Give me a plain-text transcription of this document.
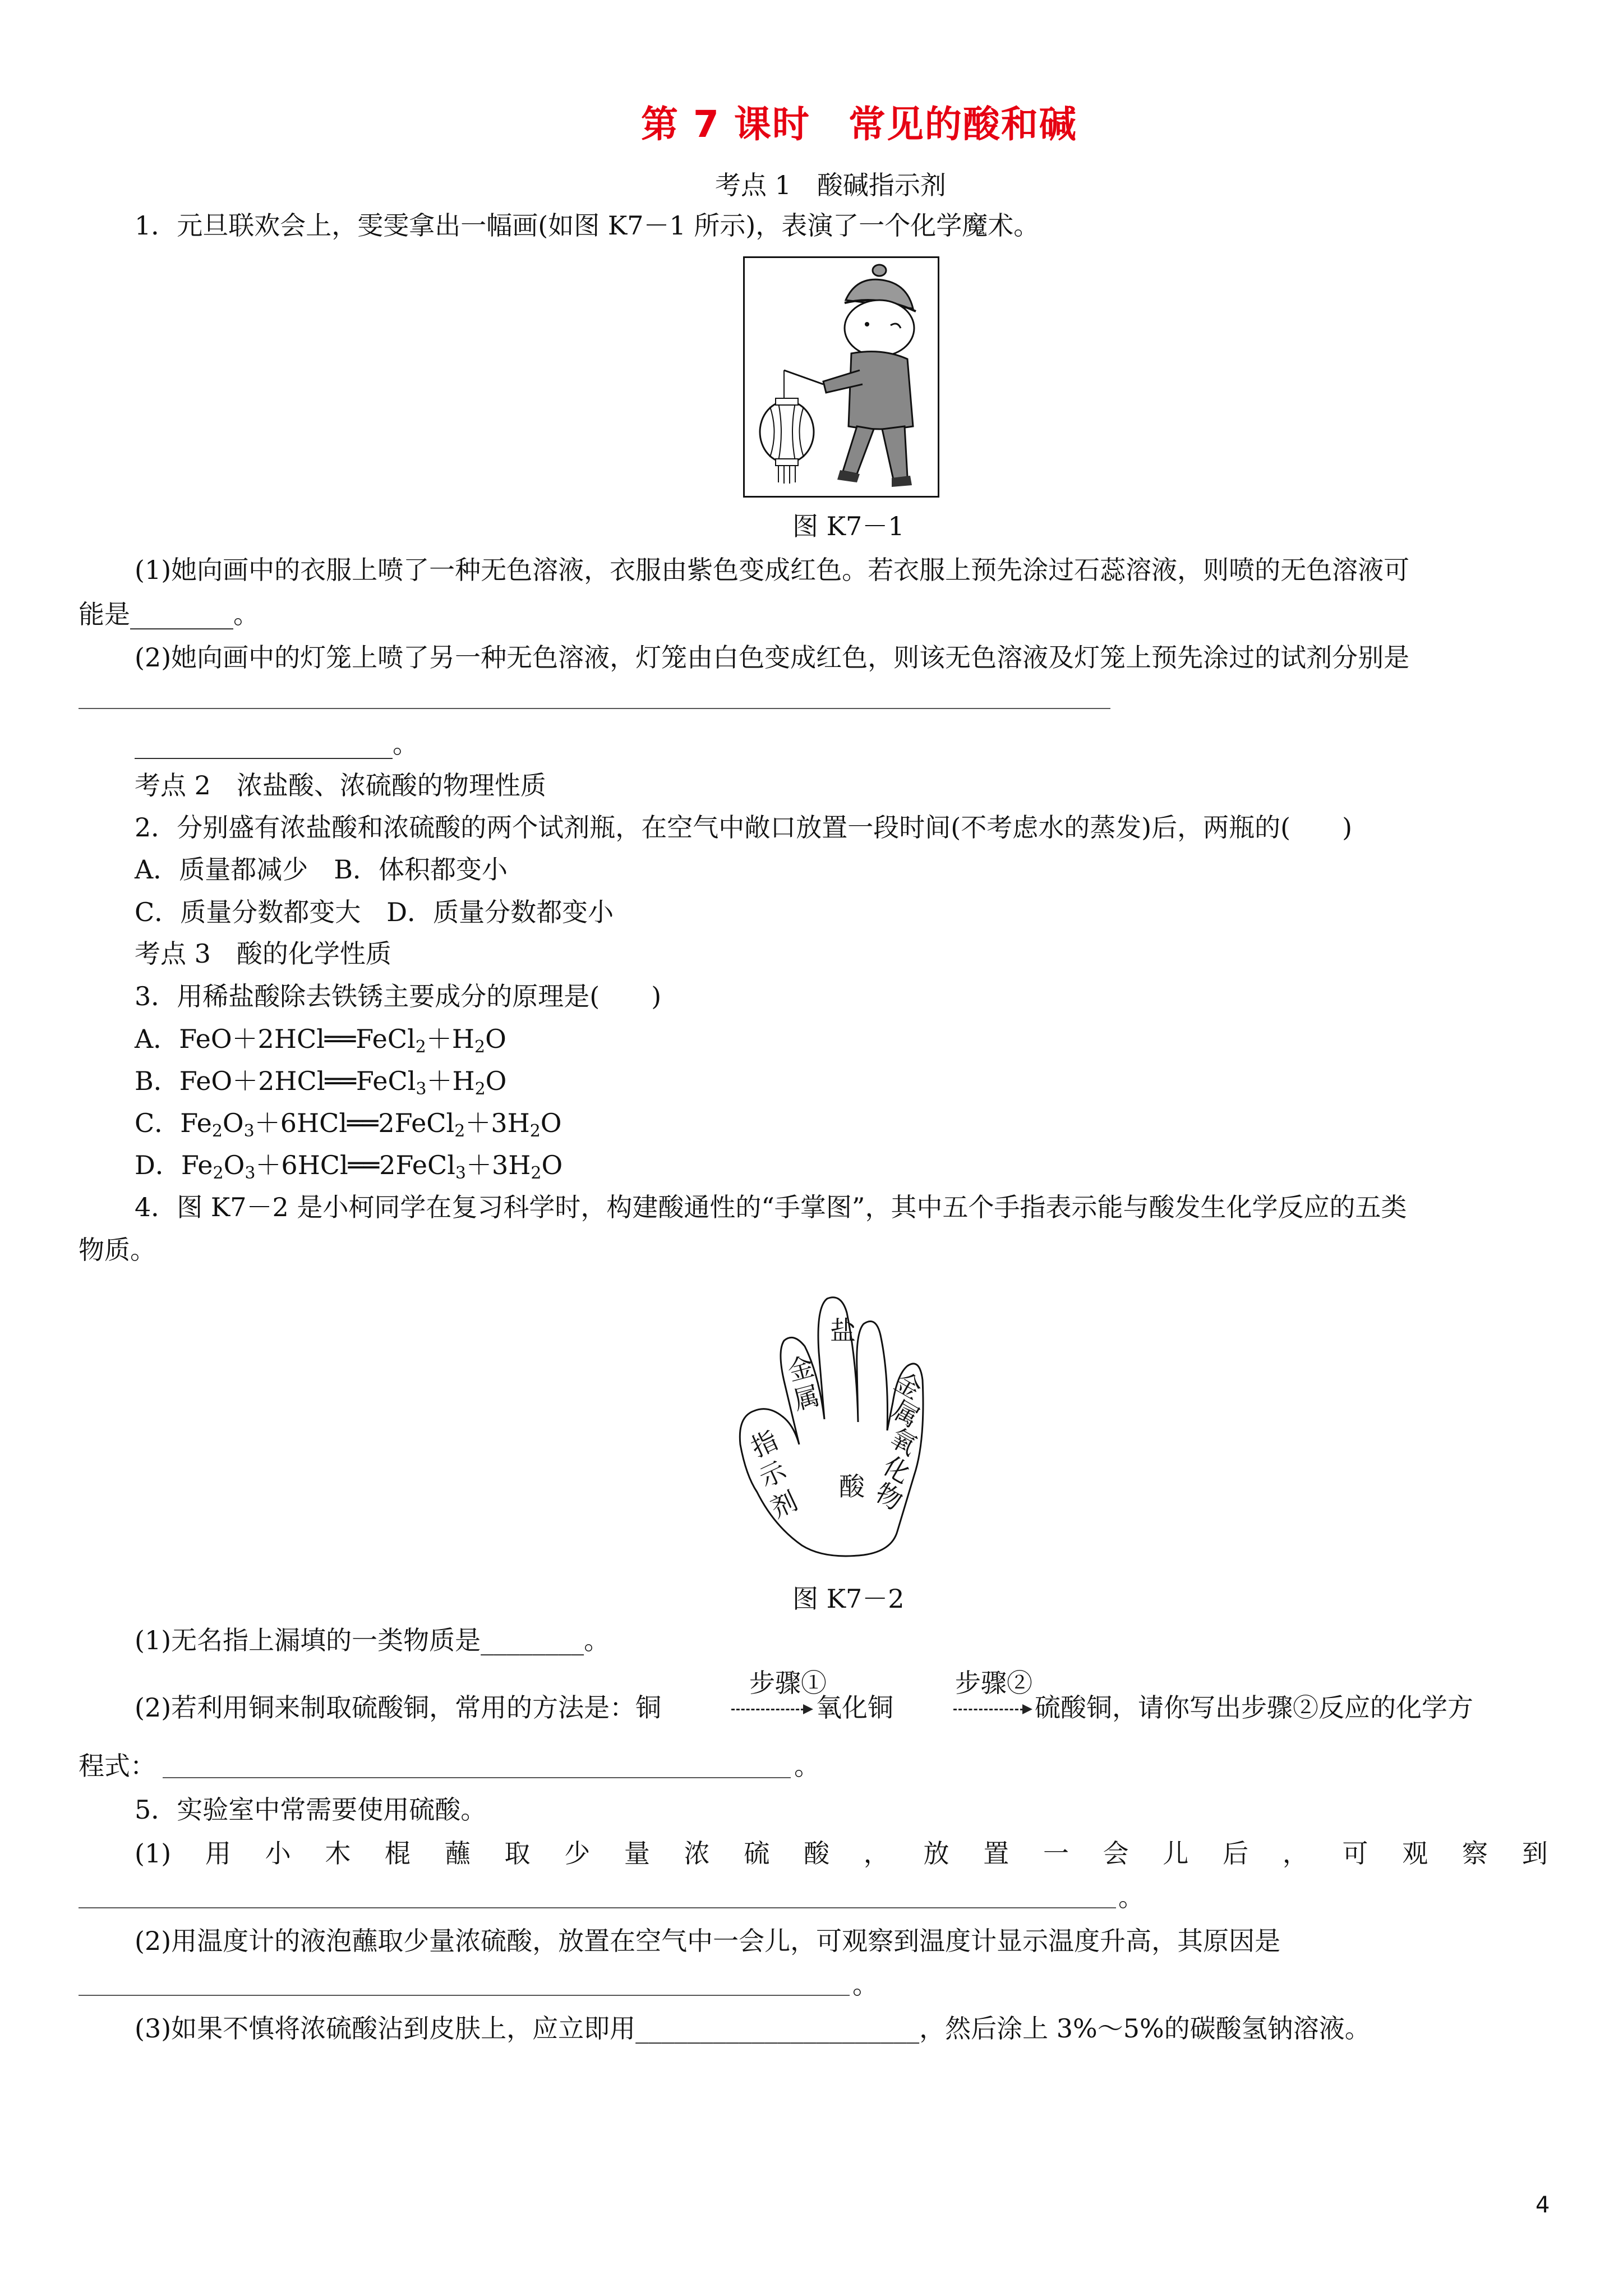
第 7 课时　常见的酸和碱
考点 1　酸碱指示剂
1．元旦联欢会上，雯雯拿出一幅画(如图 K7－1 所示)，表演了一个化学魔术。
图 K7－1
(1)她向画中的衣服上喷了一种无色溶液，衣服由紫色变成红色。若衣服上预先涂过石蕊溶液，则喷的无色溶液可
能是________。
(2)她向画中的灯笼上喷了另一种无色溶液，灯笼由白色变成红色，则该无色溶液及灯笼上预先涂过的试剂分别是
____________________。
考点 2　浓盐酸、浓硫酸的物理性质
2．分别盛有浓盐酸和浓硫酸的两个试剂瓶，在空气中敞口放置一段时间(不考虑水的蒸发)后，两瓶的(　　)
A．质量都减少　B．体积都变小
C．质量分数都变大　D．质量分数都变小
考点 3　酸的化学性质
3．用稀盐酸除去铁锈主要成分的原理是(　　)
A．$FeO+2HCl══FeCl_2+H_2O$
B．$FeO+2HCl══FeCl_3+H_2O$
C．$Fe_2O_3+6HCl══2FeCl_2+3H_2O$
D．$Fe_2O_3+6HCl══2FeCl_3+3H_2O$
4．图 K7－2 是小柯同学在复习科学时，构建酸通性的“手掌图”，其中五个手指表示能与酸发生化学反应的五类
物质。
指
示
剂
金
属
盐
金
属
氧
化
物
酸
图 K7－2
(1)无名指上漏填的一类物质是________。
(2)若利用铜来制取硫酸铜，常用的方法是：铜
步骤①
氧化铜
步骤②
硫酸铜，请你写出步骤②反应的化学方
程式：	。
5．实验室中常需要使用硫酸。
(1) 用 小 木 棍 蘸 取 少 量 浓 硫 酸 ， 放 置 一 会 儿 后 ， 可 观 察 到
。
(2)用温度计的液泡蘸取少量浓硫酸，放置在空气中一会儿，可观察到温度计显示温度升高，其原因是
。
(3)如果不慎将浓硫酸沾到皮肤上，应立即用______________________，然后涂上 3%～5%的碳酸氢钠溶液。
4
